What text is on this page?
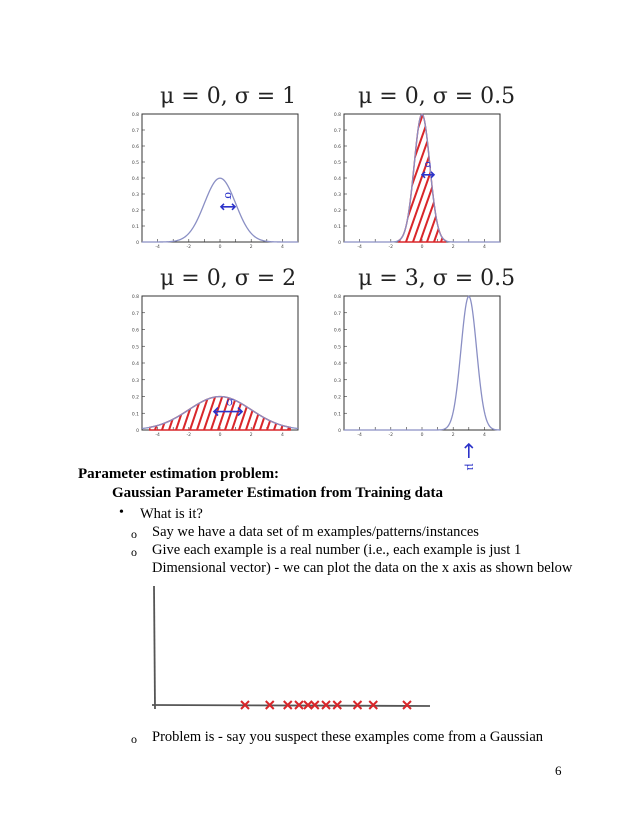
μ = 0, σ = 1	μ = 0, σ = 0.5
μ = 0, σ = 2	μ = 3, σ = 0.5
0.8
0.7
0.6
0.5
0.4
0.3
0.2
0.1
0
-4	-2	0	2	4
σ
0.8
0.7
0.6
0.5
0.4
0.3
0.2
0.1
0
-4	-2	0	2	4
σ
0.8
0.7
0.6
0.5
0.4
0.3
0.2
0.1
0
-4	-2	0	2	4
σ
0.8
0.7
0.6
0.5
0.4
0.3
0.2
0.1
0
-4	-2	0	2	4
μ
Parameter estimation problem:
Gaussian Parameter Estimation from Training data
• What is it?
o Say we have a data set of m examples/patterns/instances
o Give each example is a real number (i.e., each example is just 1
Dimensional vector) - we can plot the data on the x axis as shown below
o Problem is - say you suspect these examples come from a Gaussian
6
